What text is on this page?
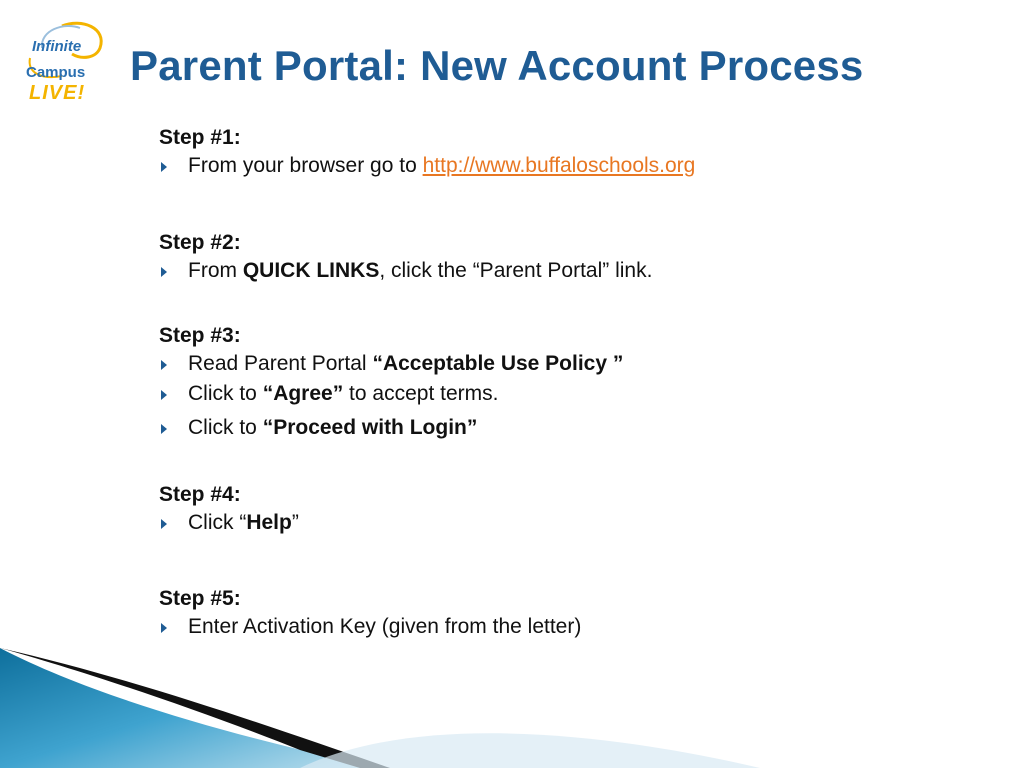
Infinite
Campus
LIVE!
Parent Portal: New Account Process

Step #1:

From your browser go to http://www.buffaloschools.org

Step #2:

From QUICK LINKS, click the “Parent Portal” link.

Step #3:

Read Parent Portal “Acceptable Use Policy ”
Click to “Agree” to accept terms.
Click to “Proceed with Login”

Step #4:

Click “Help”

Step #5:

Enter Activation Key (given from the letter)
